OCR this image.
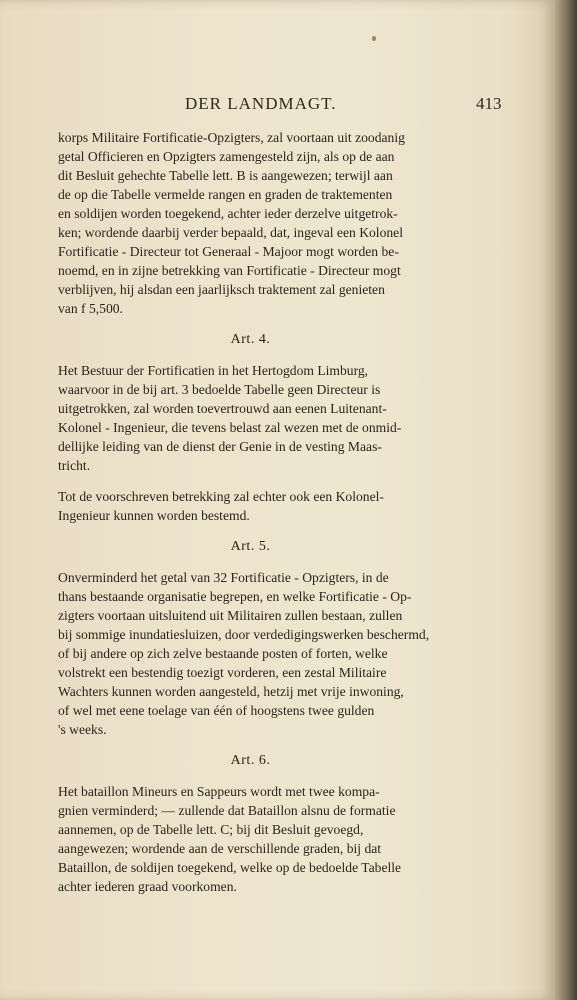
DER LANDMAGT.	413
korps Militaire Fortificatie-Opzigters, zal voortaan uit zoodanig
getal Officieren en Opzigters zamengesteld zijn, als op de aan
dit Besluit gehechte Tabelle lett. B is aangewezen; terwijl aan
de op die Tabelle vermelde rangen en graden de traktementen
en soldijen worden toegekend, achter ieder derzelve uitgetrok-
ken; wordende daarbij verder bepaald, dat, ingeval een Kolonel
Fortificatie - Directeur tot Generaal - Majoor mogt worden be-
noemd, en in zijne betrekking van Fortificatie - Directeur mogt
verblijven, hij alsdan een jaarlijksch traktement zal genieten
van f 5,500.
Art. 4.
Het Bestuur der Fortificatien in het Hertogdom Limburg,
waarvoor in de bij art. 3 bedoelde Tabelle geen Directeur is
uitgetrokken, zal worden toevertrouwd aan eenen Luitenant-
Kolonel - Ingenieur, die tevens belast zal wezen met de onmid-
dellijke leiding van de dienst der Genie in de vesting Maas-
tricht.
Tot de voorschreven betrekking zal echter ook een Kolonel-
Ingenieur kunnen worden bestemd.
Art. 5.
Onverminderd het getal van 32 Fortificatie - Opzigters, in de
thans bestaande organisatie begrepen, en welke Fortificatie - Op-
zigters voortaan uitsluitend uit Militairen zullen bestaan, zullen
bij sommige inundatiesluizen, door verdedigingswerken beschermd,
of bij andere op zich zelve bestaande posten of forten, welke
volstrekt een bestendig toezigt vorderen, een zestal Militaire
Wachters kunnen worden aangesteld, hetzij met vrije inwoning,
of wel met eene toelage van één of hoogstens twee gulden
's weeks.
Art. 6.
Het bataillon Mineurs en Sappeurs wordt met twee kompa-
gnien verminderd; — zullende dat Bataillon alsnu de formatie
aannemen, op de Tabelle lett. C; bij dit Besluit gevoegd,
aangewezen; wordende aan de verschillende graden, bij dat
Bataillon, de soldijen toegekend, welke op de bedoelde Tabelle
achter iederen graad voorkomen.
